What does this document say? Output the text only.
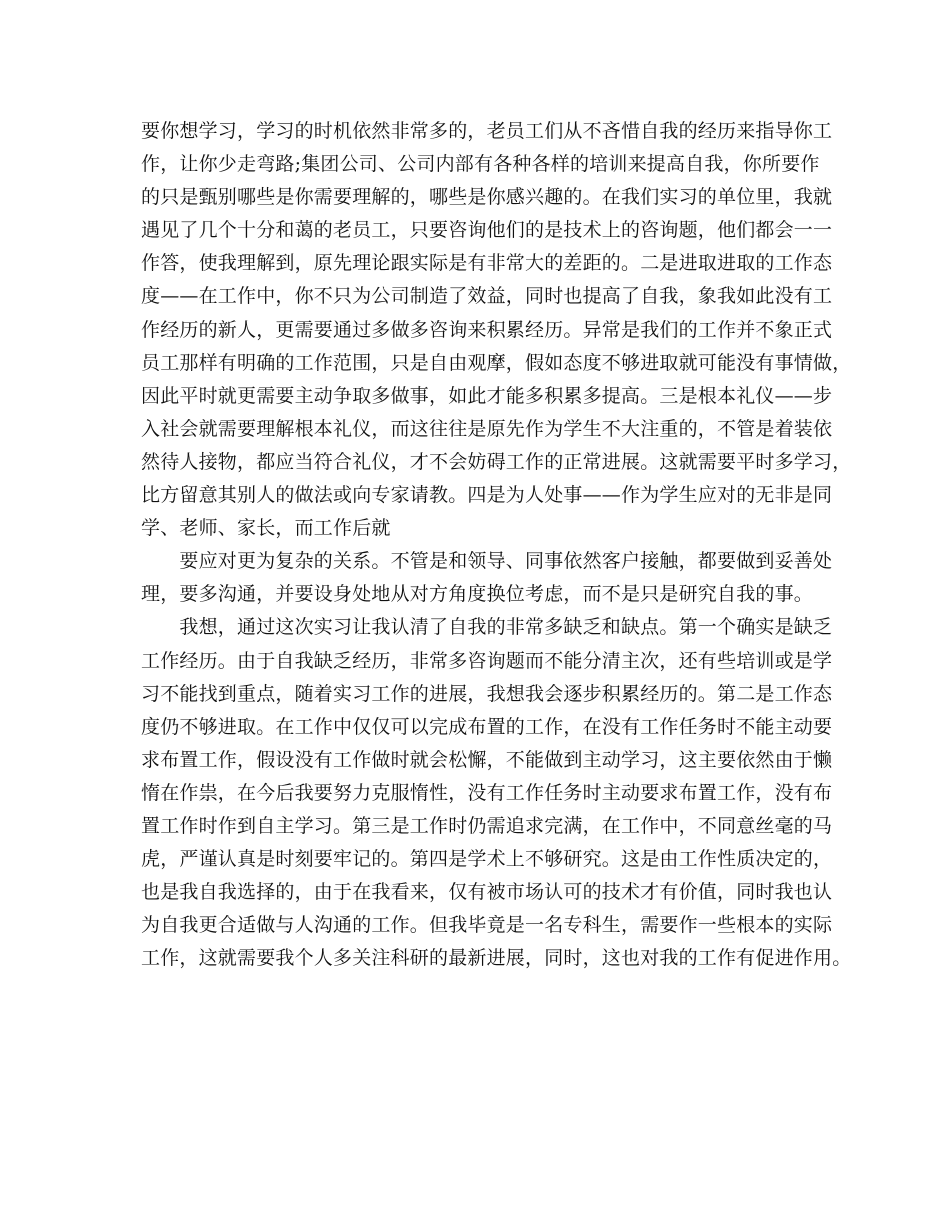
要你想学习，学习的时机依然非常多的，老员工们从不吝惜自我的经历来指导你工
作，让你少走弯路;集团公司、公司内部有各种各样的培训来提高自我，你所要作
的只是甄别哪些是你需要理解的，哪些是你感兴趣的。在我们实习的单位里，我就
遇见了几个十分和蔼的老员工，只要咨询他们的是技术上的咨询题，他们都会一一
作答，使我理解到，原先理论跟实际是有非常大的差距的。二是进取进取的工作态
度——在工作中，你不只为公司制造了效益，同时也提高了自我，象我如此没有工
作经历的新人，更需要通过多做多咨询来积累经历。异常是我们的工作并不象正式
员工那样有明确的工作范围，只是自由观摩，假如态度不够进取就可能没有事情做，
因此平时就更需要主动争取多做事，如此才能多积累多提高。三是根本礼仪——步
入社会就需要理解根本礼仪，而这往往是原先作为学生不大注重的，不管是着装依
然待人接物，都应当符合礼仪，才不会妨碍工作的正常进展。这就需要平时多学习，
比方留意其别人的做法或向专家请教。四是为人处事——作为学生应对的无非是同
学、老师、家长，而工作后就
　　要应对更为复杂的关系。不管是和领导、同事依然客户接触，都要做到妥善处
理，要多沟通，并要设身处地从对方角度换位考虑，而不是只是研究自我的事。
　　我想，通过这次实习让我认清了自我的非常多缺乏和缺点。第一个确实是缺乏
工作经历。由于自我缺乏经历，非常多咨询题而不能分清主次，还有些培训或是学
习不能找到重点，随着实习工作的进展，我想我会逐步积累经历的。第二是工作态
度仍不够进取。在工作中仅仅可以完成布置的工作，在没有工作任务时不能主动要
求布置工作，假设没有工作做时就会松懈，不能做到主动学习，这主要依然由于懒
惰在作祟，在今后我要努力克服惰性，没有工作任务时主动要求布置工作，没有布
置工作时作到自主学习。第三是工作时仍需追求完满，在工作中，不同意丝毫的马
虎，严谨认真是时刻要牢记的。第四是学术上不够研究。这是由工作性质决定的，
也是我自我选择的，由于在我看来，仅有被市场认可的技术才有价值，同时我也认
为自我更合适做与人沟通的工作。但我毕竟是一名专科生，需要作一些根本的实际
工作，这就需要我个人多关注科研的最新进展，同时，这也对我的工作有促进作用。
